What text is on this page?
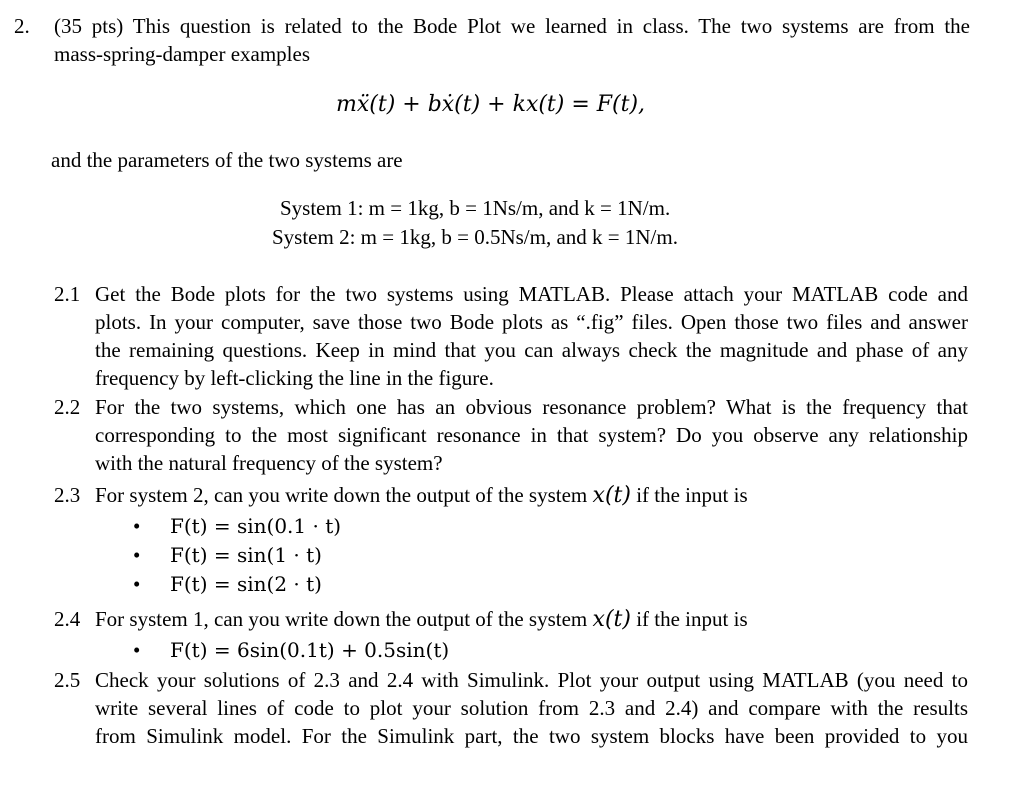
2. (35 pts) This question is related to the Bode Plot we learned in class. The two systems are from the
mass-spring-damper examples
mẍ(t) + bẋ(t) + kx(t) = F(t),
and the parameters of the two systems are
System 1: m = 1kg, b = 1Ns/m, and k = 1N/m.
System 2: m = 1kg, b = 0.5Ns/m, and k = 1N/m.
2.1 Get the Bode plots for the two systems using MATLAB. Please attach your MATLAB code and
plots. In your computer, save those two Bode plots as “.fig” files. Open those two files and answer
the remaining questions. Keep in mind that you can always check the magnitude and phase of any
frequency by left-clicking the line in the figure.
2.2 For the two systems, which one has an obvious resonance problem? What is the frequency that
corresponding to the most significant resonance in that system? Do you observe any relationship
with the natural frequency of the system?
2.3 For system 2, can you write down the output of the system x(t) if the input is
• F(t) = sin(0.1 · t)
• F(t) = sin(1 · t)
• F(t) = sin(2 · t)
2.4 For system 1, can you write down the output of the system x(t) if the input is
• F(t) = 6sin(0.1t) + 0.5sin(t)
2.5 Check your solutions of 2.3 and 2.4 with Simulink. Plot your output using MATLAB (you need to
write several lines of code to plot your solution from 2.3 and 2.4) and compare with the results
from Simulink model. For the Simulink part, the two system blocks have been provided to you
